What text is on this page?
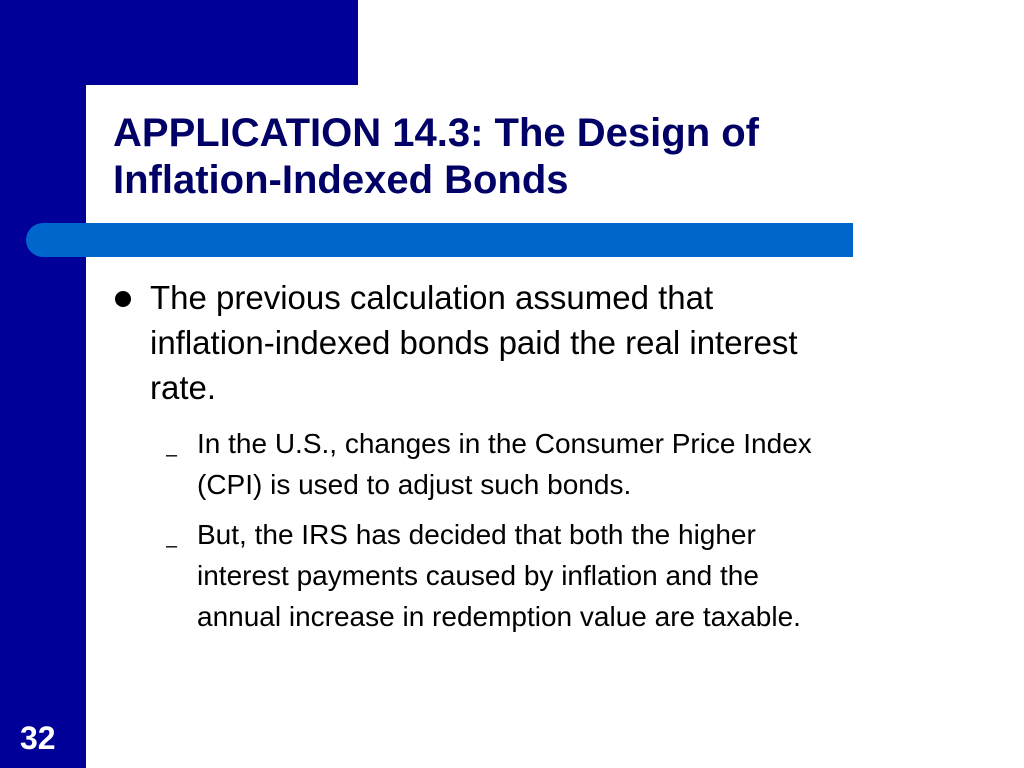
APPLICATION 14.3: The Design of
Inflation-Indexed Bonds
The previous calculation assumed that
inflation-indexed bonds paid the real interest
rate.
– In the U.S., changes in the Consumer Price Index
(CPI) is used to adjust such bonds.
– But, the IRS has decided that both the higher
interest payments caused by inflation and the
annual increase in redemption value are taxable.
32
